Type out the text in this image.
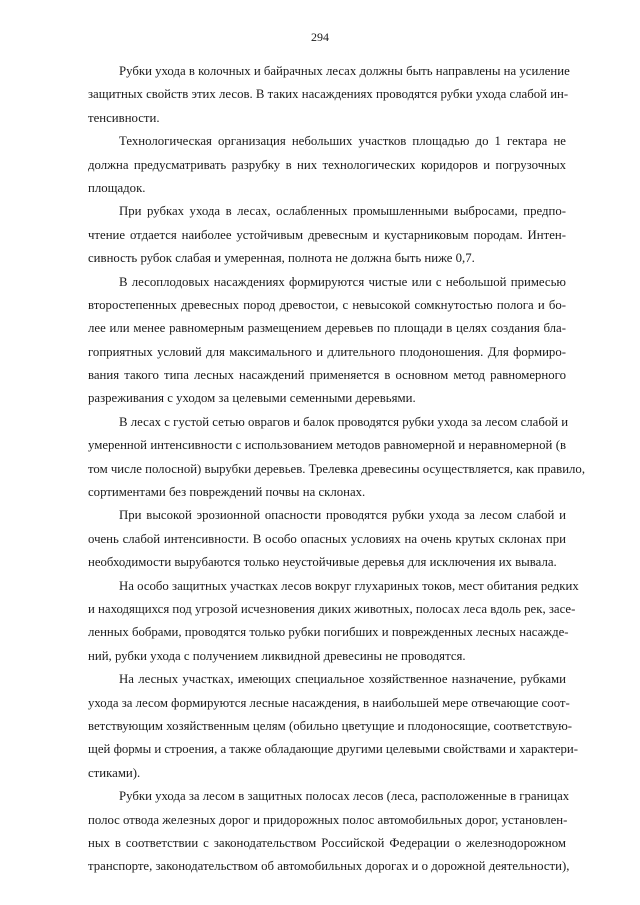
294
Рубки ухода в колочных и байрачных лесах должны быть направлены на усиление
защитных свойств этих лесов. В таких насаждениях проводятся рубки ухода слабой ин-
тенсивности.
Технологическая организация небольших участков площадью до 1 гектара не
должна предусматривать разрубку в них технологических коридоров и погрузочных
площадок.
При рубках ухода в лесах, ослабленных промышленными выбросами, предпо-
чтение отдается наиболее устойчивым древесным и кустарниковым породам. Интен-
сивность рубок слабая и умеренная, полнота не должна быть ниже 0,7.
В лесоплодовых насаждениях формируются чистые или с небольшой примесью
второстепенных древесных пород древостои, с невысокой сомкнутостью полога и бо-
лее или менее равномерным размещением деревьев по площади в целях создания бла-
гоприятных условий для максимального и длительного плодоношения. Для формиро-
вания такого типа лесных насаждений применяется в основном метод равномерного
разреживания с уходом за целевыми семенными деревьями.
В лесах с густой сетью оврагов и балок проводятся рубки ухода за лесом слабой и
умеренной интенсивности с использованием методов равномерной и неравномерной (в
том числе полосной) вырубки деревьев. Трелевка древесины осуществляется, как правило,
сортиментами без повреждений почвы на склонах.
При высокой эрозионной опасности проводятся рубки ухода за лесом слабой и
очень слабой интенсивности. В особо опасных условиях на очень крутых склонах при
необходимости вырубаются только неустойчивые деревья для исключения их вывала.
На особо защитных участках лесов вокруг глухариных токов, мест обитания редких
и находящихся под угрозой исчезновения диких животных, полосах леса вдоль рек, засе-
ленных бобрами, проводятся только рубки погибших и поврежденных лесных насажде-
ний, рубки ухода с получением ликвидной древесины не проводятся.
На лесных участках, имеющих специальное хозяйственное назначение, рубками
ухода за лесом формируются лесные насаждения, в наибольшей мере отвечающие соот-
ветствующим хозяйственным целям (обильно цветущие и плодоносящие, соответствую-
щей формы и строения, а также обладающие другими целевыми свойствами и характери-
стиками).
Рубки ухода за лесом в защитных полосах лесов (леса, расположенные в границах
полос отвода железных дорог и придорожных полос автомобильных дорог, установлен-
ных в соответствии с законодательством Российской Федерации о железнодорожном
транспорте, законодательством об автомобильных дорогах и о дорожной деятельности),
